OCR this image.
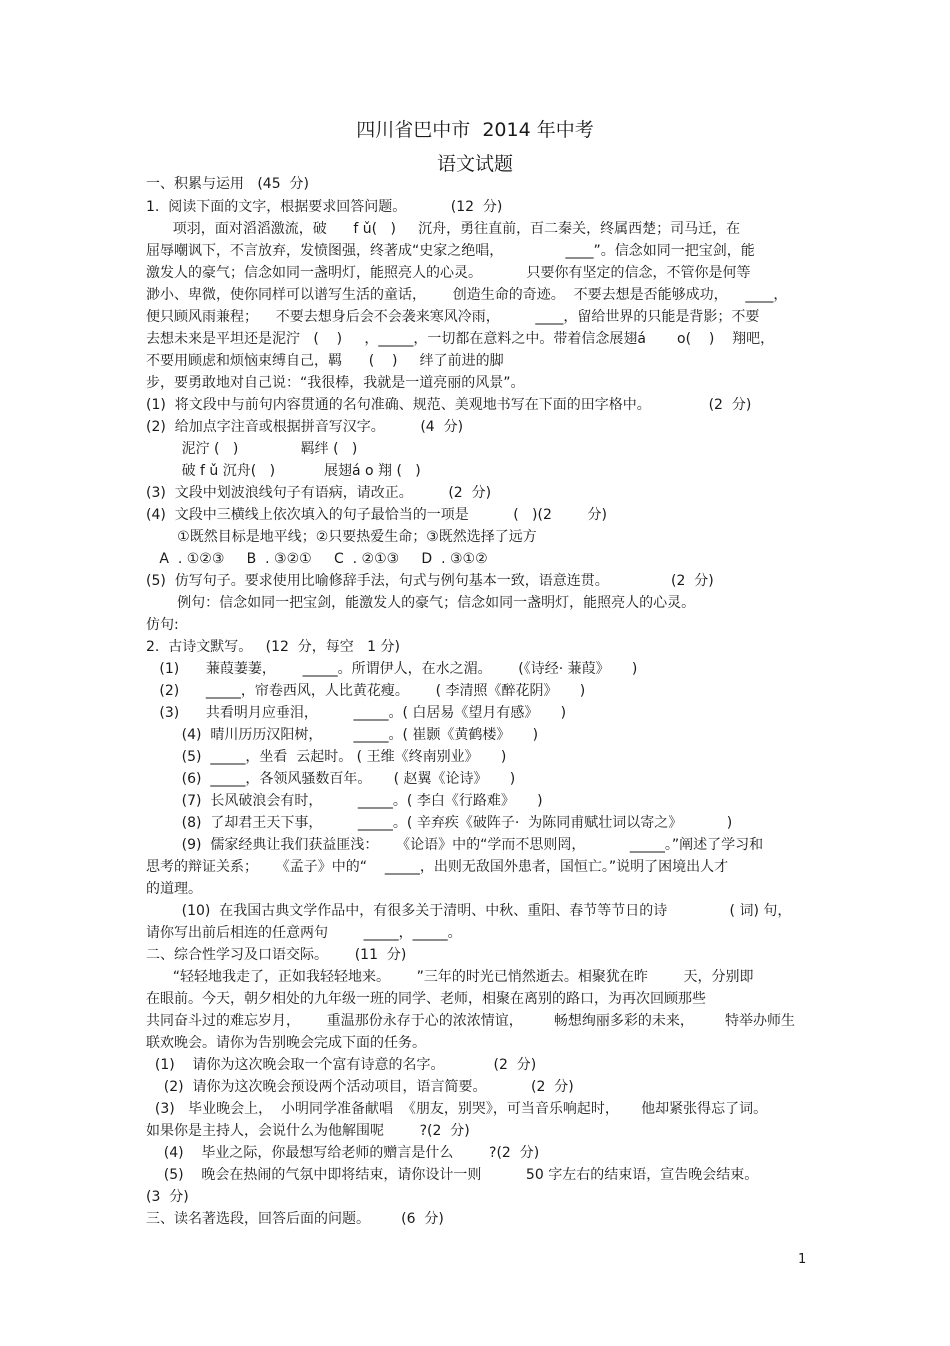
四川省巴中市  2014 年中考
语文试题
一、积累与运用   (45  分)
1.  阅读下面的文字，根据要求回答问题。          (12  分)
项羽，面对滔滔激流，破      f ǔ(   )     沉舟，勇往直前，百二秦关，终属西楚；司马迁，在
屈辱嘲讽下，不言放弃，发愤图强，终著成“史家之绝唱，              ____”。信念如同一把宝剑，能
激发人的豪气；信念如同一盏明灯，能照亮人的心灵。          只要你有坚定的信念，不管你是何等
渺小、卑微，使你同样可以谱写生活的童话，      创造生命的奇迹。  不要去想是否能够成功，    ____，
便只顾风雨兼程；    不要去想身后会不会袭来寒风冷雨，        ____，留给世界的只能是背影；不要
去想未来是平坦还是泥泞   (    )     ，_____，一切都在意料之中。带着信念展翅á       o(    )    翔吧，
不要用顾虑和烦恼束缚自己，羁      (    )     绊了前进的脚
步，要勇敢地对自己说：“我很棒，我就是一道亮丽的风景”。
(1)  将文段中与前句内容贯通的名句准确、规范、美观地书写在下面的田字格中。             (2  分)
(2)  给加点字注音或根据拼音写汉字。        (4  分)
泥泞 (   )              羁绊 (   )
破 f ǔ 沉舟(   )           展翅á o 翔 (   )
(3)  文段中划波浪线句子有语病，请改正。        (2  分)
(4)  文段中三横线上依次填入的句子最恰当的一项是          (   )(2        分)
①既然目标是地平线；②只要热爱生命；③既然选择了远方
A  . ①②③     B  . ③②①     C  . ②①③     D  . ③①②
(5)  仿写句子。要求使用比喻修辞手法，句式与例句基本一致，语意连贯。              (2  分)
例句：信念如同一把宝剑，能激发人的豪气；信念如同一盏明灯，能照亮人的心灵。
仿句:
2.  古诗文默写。   (12  分，每空   1 分)
(1)      蒹葭萋萋，      _____。所谓伊人，在水之湄。      (《诗经· 蒹葭》     )
(2)      _____，帘卷西风，人比黄花瘦。      ( 李清照《醉花阴》     )
(3)      共看明月应垂泪，        _____。( 白居易《望月有感》     )
(4)  晴川历历汉阳树，       _____。( 崔颢《黄鹤楼》     )
(5)  _____，坐看  云起时。 ( 王维《终南别业》     )
(6)  _____，各领风骚数百年。     ( 赵翼《论诗》     )
(7)  长风破浪会有时，        _____。( 李白《行路难》     )
(8)  了却君王天下事，        _____。( 辛弃疾《破阵子·  为陈同甫赋壮词以寄之》          )
(9)  儒家经典让我们获益匪浅：    《论语》中的“学而不思则罔，          _____。”阐述了学习和
思考的辩证关系；    《孟子》中的“    _____，出则无敌国外患者，国恒亡。”说明了困境出人才
的道理。
(10)  在我国古典文学作品中，有很多关于清明、中秋、重阳、春节等节日的诗              ( 词) 句，
请你写出前后相连的任意两句        _____，_____。
二、综合性学习及口语交际。      (11  分)
“轻轻地我走了，正如我轻轻地来。      ”三年的时光已悄然逝去。相聚犹在昨        天，分别即
在眼前。今天，朝夕相处的九年级一班的同学、老师，相聚在离别的路口，为再次回顾那些
共同奋斗过的难忘岁月，      重温那份永存于心的浓浓情谊，       畅想绚丽多彩的未来，       特举办师生
联欢晚会。请你为告别晚会完成下面的任务。
(1)    请你为这次晚会取一个富有诗意的名字。           (2  分)
(2)  请你为这次晚会预设两个活动项目，语言简要。          (2  分)
(3)   毕业晚会上，  小明同学准备献唱  《朋友，别哭》，可当音乐响起时，     他却紧张得忘了词。
如果你是主持人，会说什么为他解围呢        ?(2  分)
(4)    毕业之际，你最想写给老师的赠言是什么        ?(2  分)
(5)    晚会在热闹的气氛中即将结束，请你设计一则          50 字左右的结束语，宣告晚会结束。
(3  分)
三、读名著选段，回答后面的问题。       (6  分)
1
